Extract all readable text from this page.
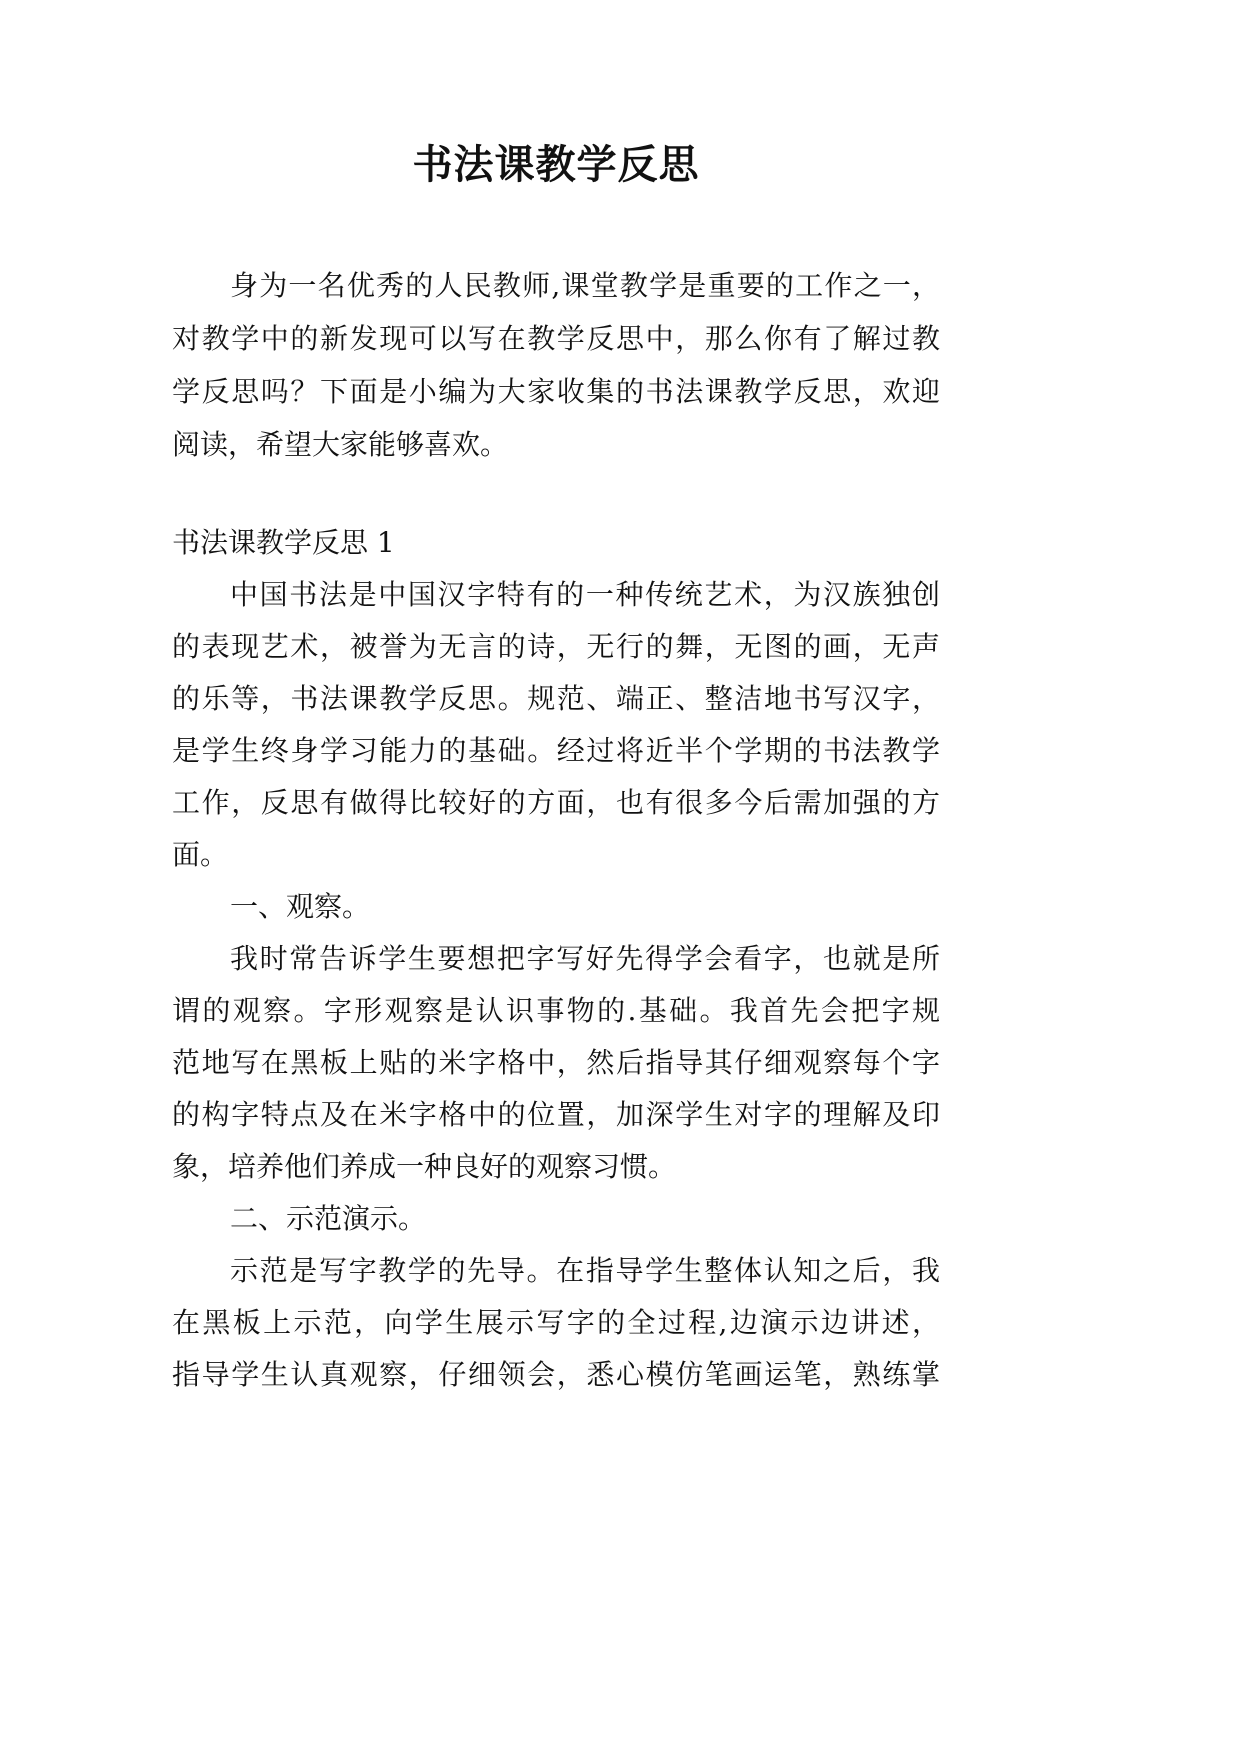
书法课教学反思
身为一名优秀的人民教师,课堂教学是重要的工作之一，
对教学中的新发现可以写在教学反思中，那么你有了解过教
学反思吗？下面是小编为大家收集的书法课教学反思，欢迎
阅读，希望大家能够喜欢。
书法课教学反思 1
中国书法是中国汉字特有的一种传统艺术，为汉族独创
的表现艺术，被誉为无言的诗，无行的舞，无图的画，无声
的乐等，书法课教学反思。规范、端正、整洁地书写汉字，
是学生终身学习能力的基础。经过将近半个学期的书法教学
工作，反思有做得比较好的方面，也有很多今后需加强的方
面。
一、观察。
我时常告诉学生要想把字写好先得学会看字，也就是所
谓的观察。字形观察是认识事物的.基础。我首先会把字规
范地写在黑板上贴的米字格中，然后指导其仔细观察每个字
的构字特点及在米字格中的位置，加深学生对字的理解及印
象，培养他们养成一种良好的观察习惯。
二、示范演示。
示范是写字教学的先导。在指导学生整体认知之后，我
在黑板上示范，向学生展示写字的全过程,边演示边讲述，
指导学生认真观察，仔细领会，悉心模仿笔画运笔，熟练掌
